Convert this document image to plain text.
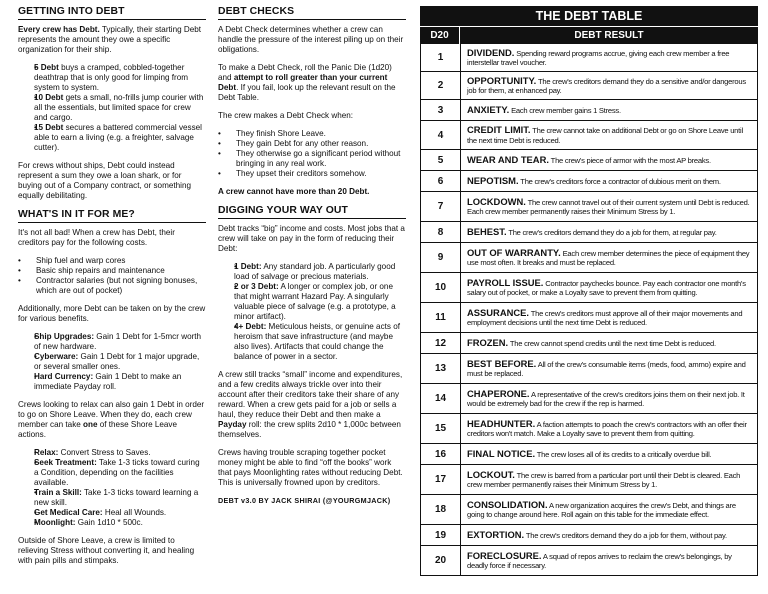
GETTING INTO DEBT

Every crew has Debt. Typically, their starting Debt represents the amount they owe a specific organization for their ship.

• 5 Debt buys a cramped, cobbled-together deathtrap that is only good for limping from system to system.
• 10 Debt gets a small, no-frills jump courier with all the essentials, but limited space for crew and cargo.
• 15 Debt secures a battered commercial vessel able to earn a living (e.g. a freighter, salvage cutter).

For crews without ships, Debt could instead represent a sum they owe a loan shark, or for buying out of a Company contract, or something equally debilitating.

WHAT'S IN IT FOR ME?

It's not all bad! When a crew has Debt, their creditors pay for the following costs.

• Ship fuel and warp cores
• Basic ship repairs and maintenance
• Contractor salaries (but not signing bonuses, which are out of pocket)

Additionally, more Debt can be taken on by the crew for various benefits.

• Ship Upgrades: Gain 1 Debt for 1-5mcr worth of new hardware.
• Cyberware: Gain 1 Debt for 1 major upgrade, or several smaller ones.
• Hard Currency: Gain 1 Debt to make an immediate Payday roll.

Crews looking to relax can also gain 1 Debt in order to go on Shore Leave. When they do, each crew member can take one of these Shore Leave actions.

• Relax: Convert Stress to Saves.
• Seek Treatment: Take 1-3 ticks toward curing a Condition, depending on the facilities available.
• Train a Skill: Take 1-3 ticks toward learning a new skill.
• Get Medical Care: Heal all Wounds.
• Moonlight: Gain 1d10 * 500c.

Outside of Shore Leave, a crew is limited to relieving Stress without converting it, and healing with pain pills and stimpaks.

DEBT CHECKS

A Debt Check determines whether a crew can handle the pressure of the interest piling up on their obligations.

To make a Debt Check, roll the Panic Die (1d20) and attempt to roll greater than your current Debt. If you fail, look up the relevant result on the Debt Table.

The crew makes a Debt Check when:

• They finish Shore Leave.
• They gain Debt for any other reason.
• They otherwise go a significant period without bringing in any real work.
• They upset their creditors somehow.

A crew cannot have more than 20 Debt.

DIGGING YOUR WAY OUT

Debt tracks “big” income and costs. Most jobs that a crew will take on pay in the form of reducing their Debt:

• 1 Debt: Any standard job. A particularly good load of salvage or precious materials.
• 2 or 3 Debt: A longer or complex job, or one that might warrant Hazard Pay. A singularly valuable piece of salvage (e.g. a prototype, a minor artifact).
• 4+ Debt: Meticulous heists, or genuine acts of heroism that save infrastructure (and maybe also lives). Artifacts that could change the balance of power in a sector.

A crew still tracks “small” income and expenditures, and a few credits always trickle over into their account after their creditors take their share of any reward. When a crew gets paid for a job or sells a haul, they reduce their Debt and then make a Payday roll: the crew splits 2d10 * 1,000c between themselves.

Crews having trouble scraping together pocket money might be able to find “off the books” work that pays Moonlighting rates without reducing Debt. This is universally frowned upon by creditors.

DEBT v3.0 BY JACK SHIRAI (@YOURGMJACK)
THE DEBT TABLE
D20	DEBT RESULT
1	DIVIDEND. Spending reward programs accrue, giving each crew member a free interstellar travel voucher.
2	OPPORTUNITY. The crew's creditors demand they do a sensitive and/or dangerous job for them, at enhanced pay.
3	ANXIETY. Each crew member gains 1 Stress.
4	CREDIT LIMIT. The crew cannot take on additional Debt or go on Shore Leave until the next time Debt is reduced.
5	WEAR AND TEAR. The crew's piece of armor with the most AP breaks.
6	NEPOTISM. The crew's creditors force a contractor of dubious merit on them.
7	LOCKDOWN. The crew cannot travel out of their current system until Debt is reduced. Each crew member permanently raises their Minimum Stress by 1.
8	BEHEST. The crew's creditors demand they do a job for them, at regular pay.
9	OUT OF WARRANTY. Each crew member determines the piece of equipment they use most often. It breaks and must be replaced.
10	PAYROLL ISSUE. Contractor paychecks bounce. Pay each contractor one month's salary out of pocket, or make a Loyalty save to prevent them from quitting.
11	ASSURANCE. The crew's creditors must approve all of their major movements and employment decisions until the next time Debt is reduced.
12	FROZEN. The crew cannot spend credits until the next time Debt is reduced.
13	BEST BEFORE. All of the crew's consumable items (meds, food, ammo) expire and must be replaced.
14	CHAPERONE. A representative of the crew's creditors joins them on their next job. It would be extremely bad for the crew if the rep is harmed.
15	HEADHUNTER. A faction attempts to poach the crew's contractors with an offer their creditors won't match. Make a Loyalty save to prevent them from quitting.
16	FINAL NOTICE. The crew loses all of its credits to a critically overdue bill.
17	LOCKOUT. The crew is barred from a particular port until their Debt is cleared. Each crew member permanently raises their Minimum Stress by 1.
18	CONSOLIDATION. A new organization acquires the crew's Debt, and things are going to change around here. Roll again on this table for the immediate effect.
19	EXTORTION. The crew's creditors demand they do a job for them, without pay.
20	FORECLOSURE. A squad of repos arrives to reclaim the crew's belongings, by deadly force if necessary.
